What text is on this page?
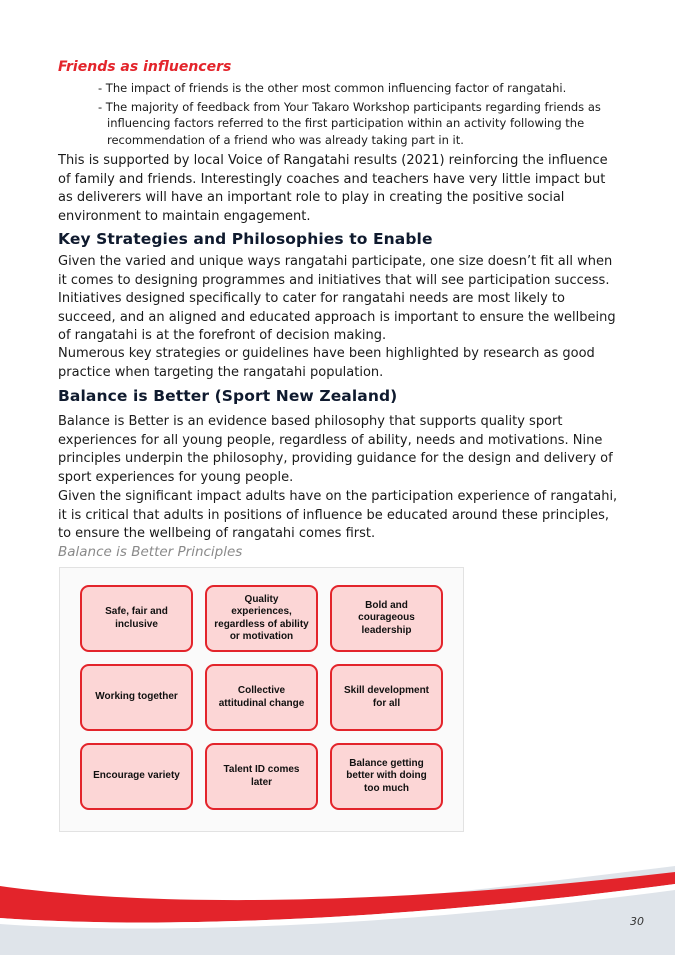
Friends as influencers
- The impact of friends is the other most common influencing factor of rangatahi.
- The majority of feedback from Your Takaro Workshop participants regarding friends as influencing factors referred to the first participation within an activity following the recommendation of a friend who was already taking part in it.

This is supported by local Voice of Rangatahi results (2021) reinforcing the influence of family and friends. Interestingly coaches and teachers have very little impact but as deliverers will have an important role to play in creating the positive social environment to maintain engagement.

Key Strategies and Philosophies to Enable

Given the varied and unique ways rangatahi participate, one size doesn’t fit all when it comes to designing programmes and initiatives that will see participation success. Initiatives designed specifically to cater for rangatahi needs are most likely to succeed, and an aligned and educated approach is important to ensure the wellbeing of rangatahi is at the forefront of decision making.

Numerous key strategies or guidelines have been highlighted by research as good practice when targeting the rangatahi population.

Balance is Better (Sport New Zealand)

Balance is Better is an evidence based philosophy that supports quality sport experiences for all young people, regardless of ability, needs and motivations. Nine principles underpin the philosophy, providing guidance for the design and delivery of sport experiences for young people.

Given the significant impact adults have on the participation experience of rangatahi, it is critical that adults in positions of influence be educated around these principles, to ensure the wellbeing of rangatahi comes first.

Balance is Better Principles
Safe, fair and inclusive
Quality experiences, regardless of ability or motivation
Bold and courageous leadership
Working together
Collective attitudinal change
Skill development for all
Encourage variety
Talent ID comes later
Balance getting better with doing too much
30
